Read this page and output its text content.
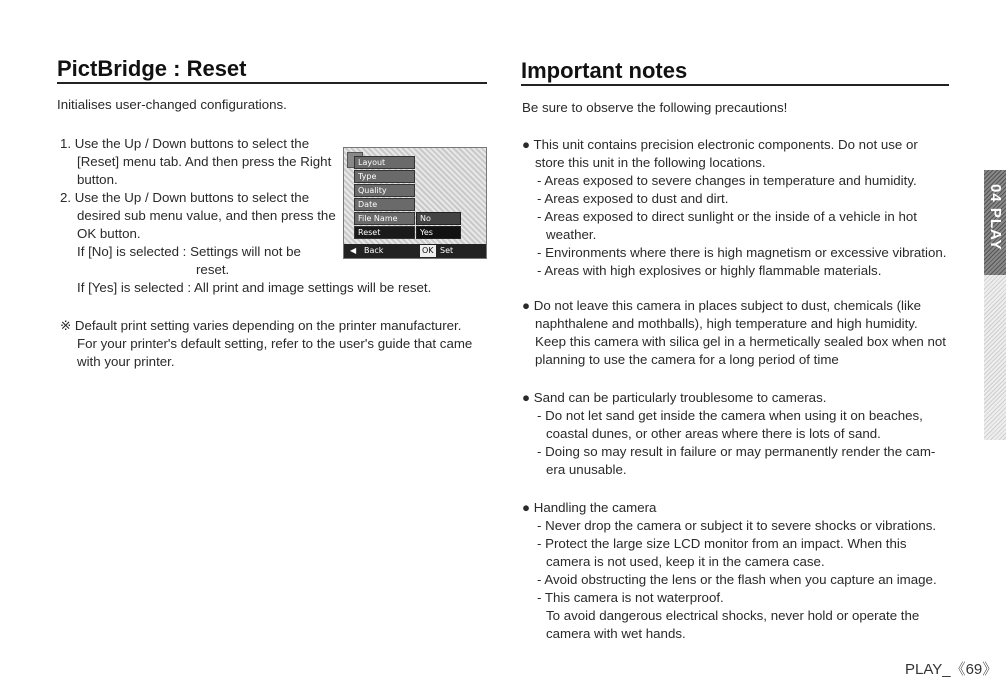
PictBridge : Reset
Initialises user-changed configurations.
1. Use the Up / Down buttons to select the
[Reset] menu tab. And then press the Right
button.
2. Use the Up / Down buttons to select the
desired sub menu value, and then press the
OK button.
If [No] is selected : Settings will not be
reset.
If [Yes] is selected : All print and image settings will be reset.
※ Default print setting varies depending on the printer manufacturer.
For your printer's default setting, refer to the user's guide that came
with your printer.
Layout
Type
Quality
Date
File Name
Reset
No
Yes
◀ Back	OK Set
Important notes
Be sure to observe the following precautions!
● This unit contains precision electronic components. Do not use or
store this unit in the following locations.
- Areas exposed to severe changes in temperature and humidity.
- Areas exposed to dust and dirt.
- Areas exposed to direct sunlight or the inside of a vehicle in hot
weather.
- Environments where there is high magnetism or excessive vibration.
- Areas with high explosives or highly flammable materials.
● Do not leave this camera in places subject to dust, chemicals (like
naphthalene and mothballs), high temperature and high humidity.
Keep this camera with silica gel in a hermetically sealed box when not
planning to use the camera for a long period of time
● Sand can be particularly troublesome to cameras.
- Do not let sand get inside the camera when using it on beaches,
coastal dunes, or other areas where there is lots of sand.
- Doing so may result in failure or may permanently render the cam-
era unusable.
● Handling the camera
- Never drop the camera or subject it to severe shocks or vibrations.
- Protect the large size LCD monitor from an impact. When this
camera is not used, keep it in the camera case.
- Avoid obstructing the lens or the flash when you capture an image.
- This camera is not waterproof.
To avoid dangerous electrical shocks, never hold or operate the
camera with wet hands.
04 PLAY
PLAY_《69》
